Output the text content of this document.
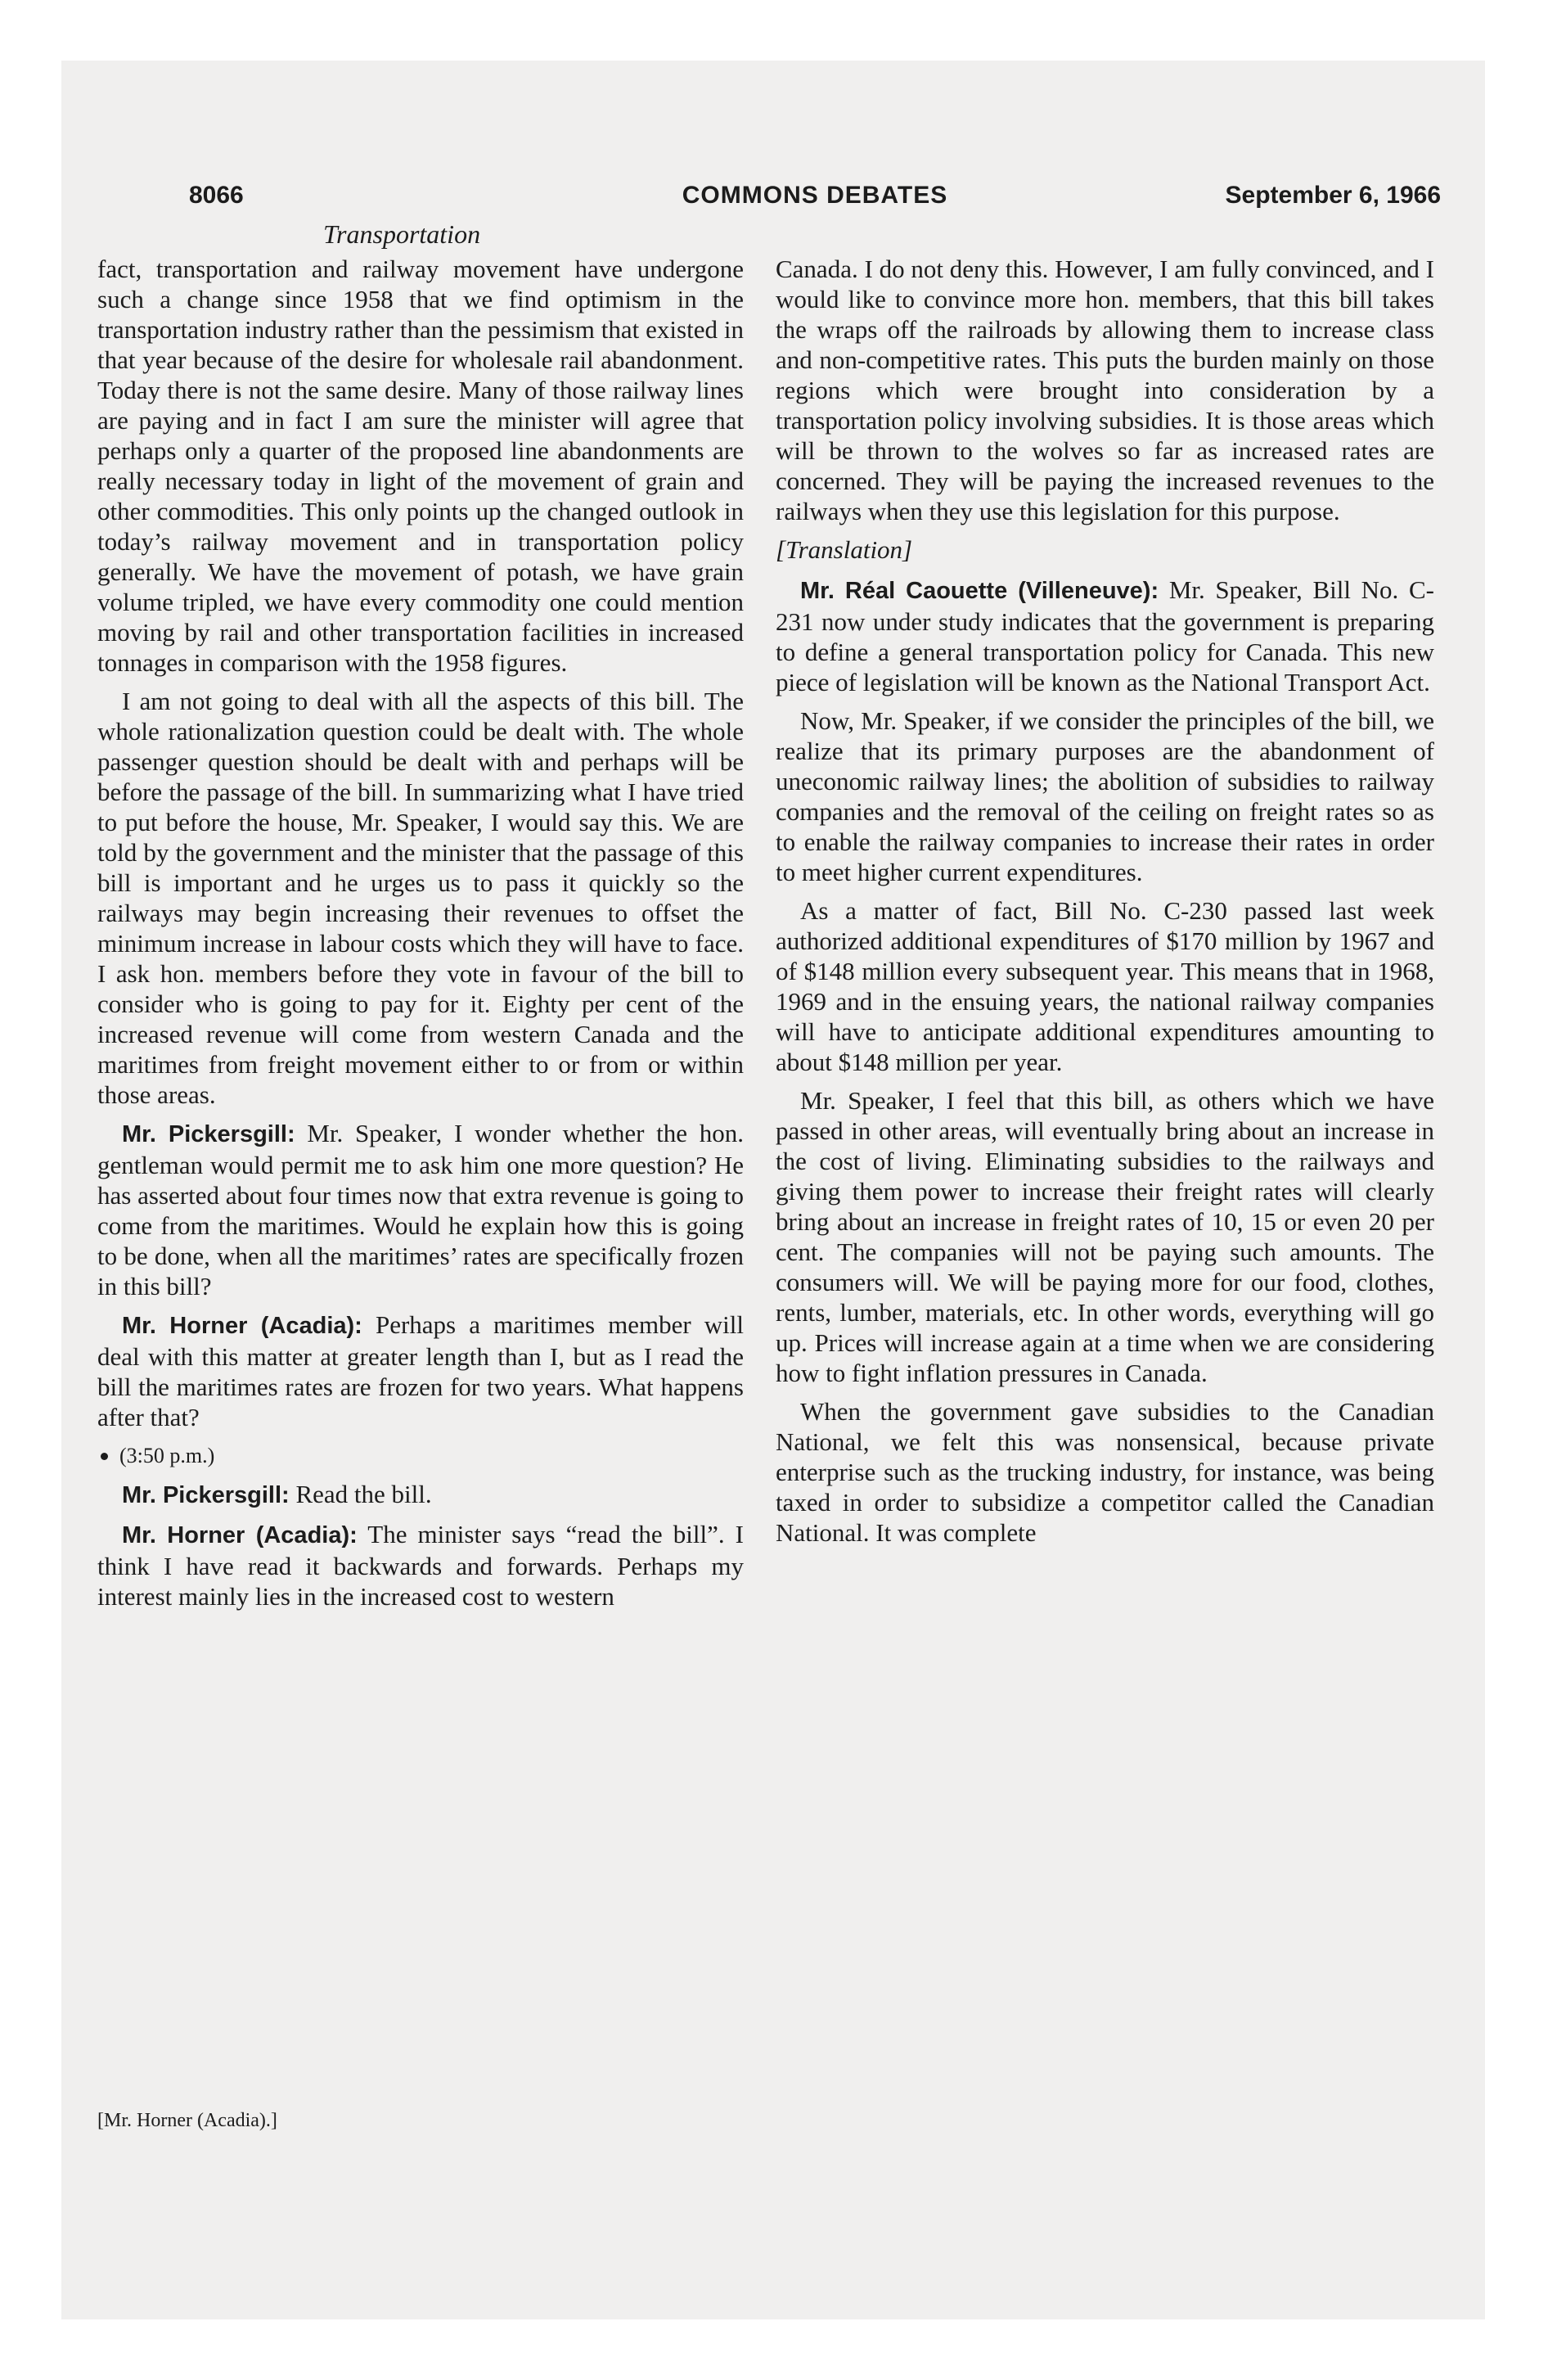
8066	COMMONS DEBATES	September 6, 1966
Transportation

fact, transportation and railway movement have undergone such a change since 1958 that we find optimism in the transportation industry rather than the pessimism that existed in that year because of the desire for wholesale rail abandonment. Today there is not the same desire. Many of those railway lines are paying and in fact I am sure the minister will agree that perhaps only a quarter of the proposed line abandonments are really necessary today in light of the movement of grain and other commodities. This only points up the changed outlook in today’s railway movement and in transportation policy generally. We have the movement of potash, we have grain volume tripled, we have every commodity one could mention moving by rail and other transportation facilities in increased tonnages in comparison with the 1958 figures.

I am not going to deal with all the aspects of this bill. The whole rationalization question could be dealt with. The whole passenger question should be dealt with and perhaps will be before the passage of the bill. In summarizing what I have tried to put before the house, Mr. Speaker, I would say this. We are told by the government and the minister that the passage of this bill is important and he urges us to pass it quickly so the railways may begin increasing their revenues to offset the minimum increase in labour costs which they will have to face. I ask hon. members before they vote in favour of the bill to consider who is going to pay for it. Eighty per cent of the increased revenue will come from western Canada and the maritimes from freight movement either to or from or within those areas.

Mr. Pickersgill: Mr. Speaker, I wonder whether the hon. gentleman would permit me to ask him one more question? He has asserted about four times now that extra revenue is going to come from the maritimes. Would he explain how this is going to be done, when all the maritimes’ rates are specifically frozen in this bill?

Mr. Horner (Acadia): Perhaps a maritimes member will deal with this matter at greater length than I, but as I read the bill the maritimes rates are frozen for two years. What happens after that?

(3:50 p.m.)

Mr. Pickersgill: Read the bill.

Mr. Horner (Acadia): The minister says “read the bill”. I think I have read it backwards and forwards. Perhaps my interest mainly lies in the increased cost to western

[Mr. Horner (Acadia).]

Canada. I do not deny this. However, I am fully convinced, and I would like to convince more hon. members, that this bill takes the wraps off the railroads by allowing them to increase class and non-competitive rates. This puts the burden mainly on those regions which were brought into consideration by a transportation policy involving subsidies. It is those areas which will be thrown to the wolves so far as increased rates are concerned. They will be paying the increased revenues to the railways when they use this legislation for this purpose.

[Translation]

Mr. Réal Caouette (Villeneuve): Mr. Speaker, Bill No. C-231 now under study indicates that the government is preparing to define a general transportation policy for Canada. This new piece of legislation will be known as the National Transport Act.

Now, Mr. Speaker, if we consider the principles of the bill, we realize that its primary purposes are the abandonment of uneconomic railway lines; the abolition of subsidies to railway companies and the removal of the ceiling on freight rates so as to enable the railway companies to increase their rates in order to meet higher current expenditures.

As a matter of fact, Bill No. C-230 passed last week authorized additional expenditures of $170 million by 1967 and of $148 million every subsequent year. This means that in 1968, 1969 and in the ensuing years, the national railway companies will have to anticipate additional expenditures amounting to about $148 million per year.

Mr. Speaker, I feel that this bill, as others which we have passed in other areas, will eventually bring about an increase in the cost of living. Eliminating subsidies to the railways and giving them power to increase their freight rates will clearly bring about an increase in freight rates of 10, 15 or even 20 per cent. The companies will not be paying such amounts. The consumers will. We will be paying more for our food, clothes, rents, lumber, materials, etc. In other words, everything will go up. Prices will increase again at a time when we are considering how to fight inflation pressures in Canada.

When the government gave subsidies to the Canadian National, we felt this was nonsensical, because private enterprise such as the trucking industry, for instance, was being taxed in order to subsidize a competitor called the Canadian National. It was complete
